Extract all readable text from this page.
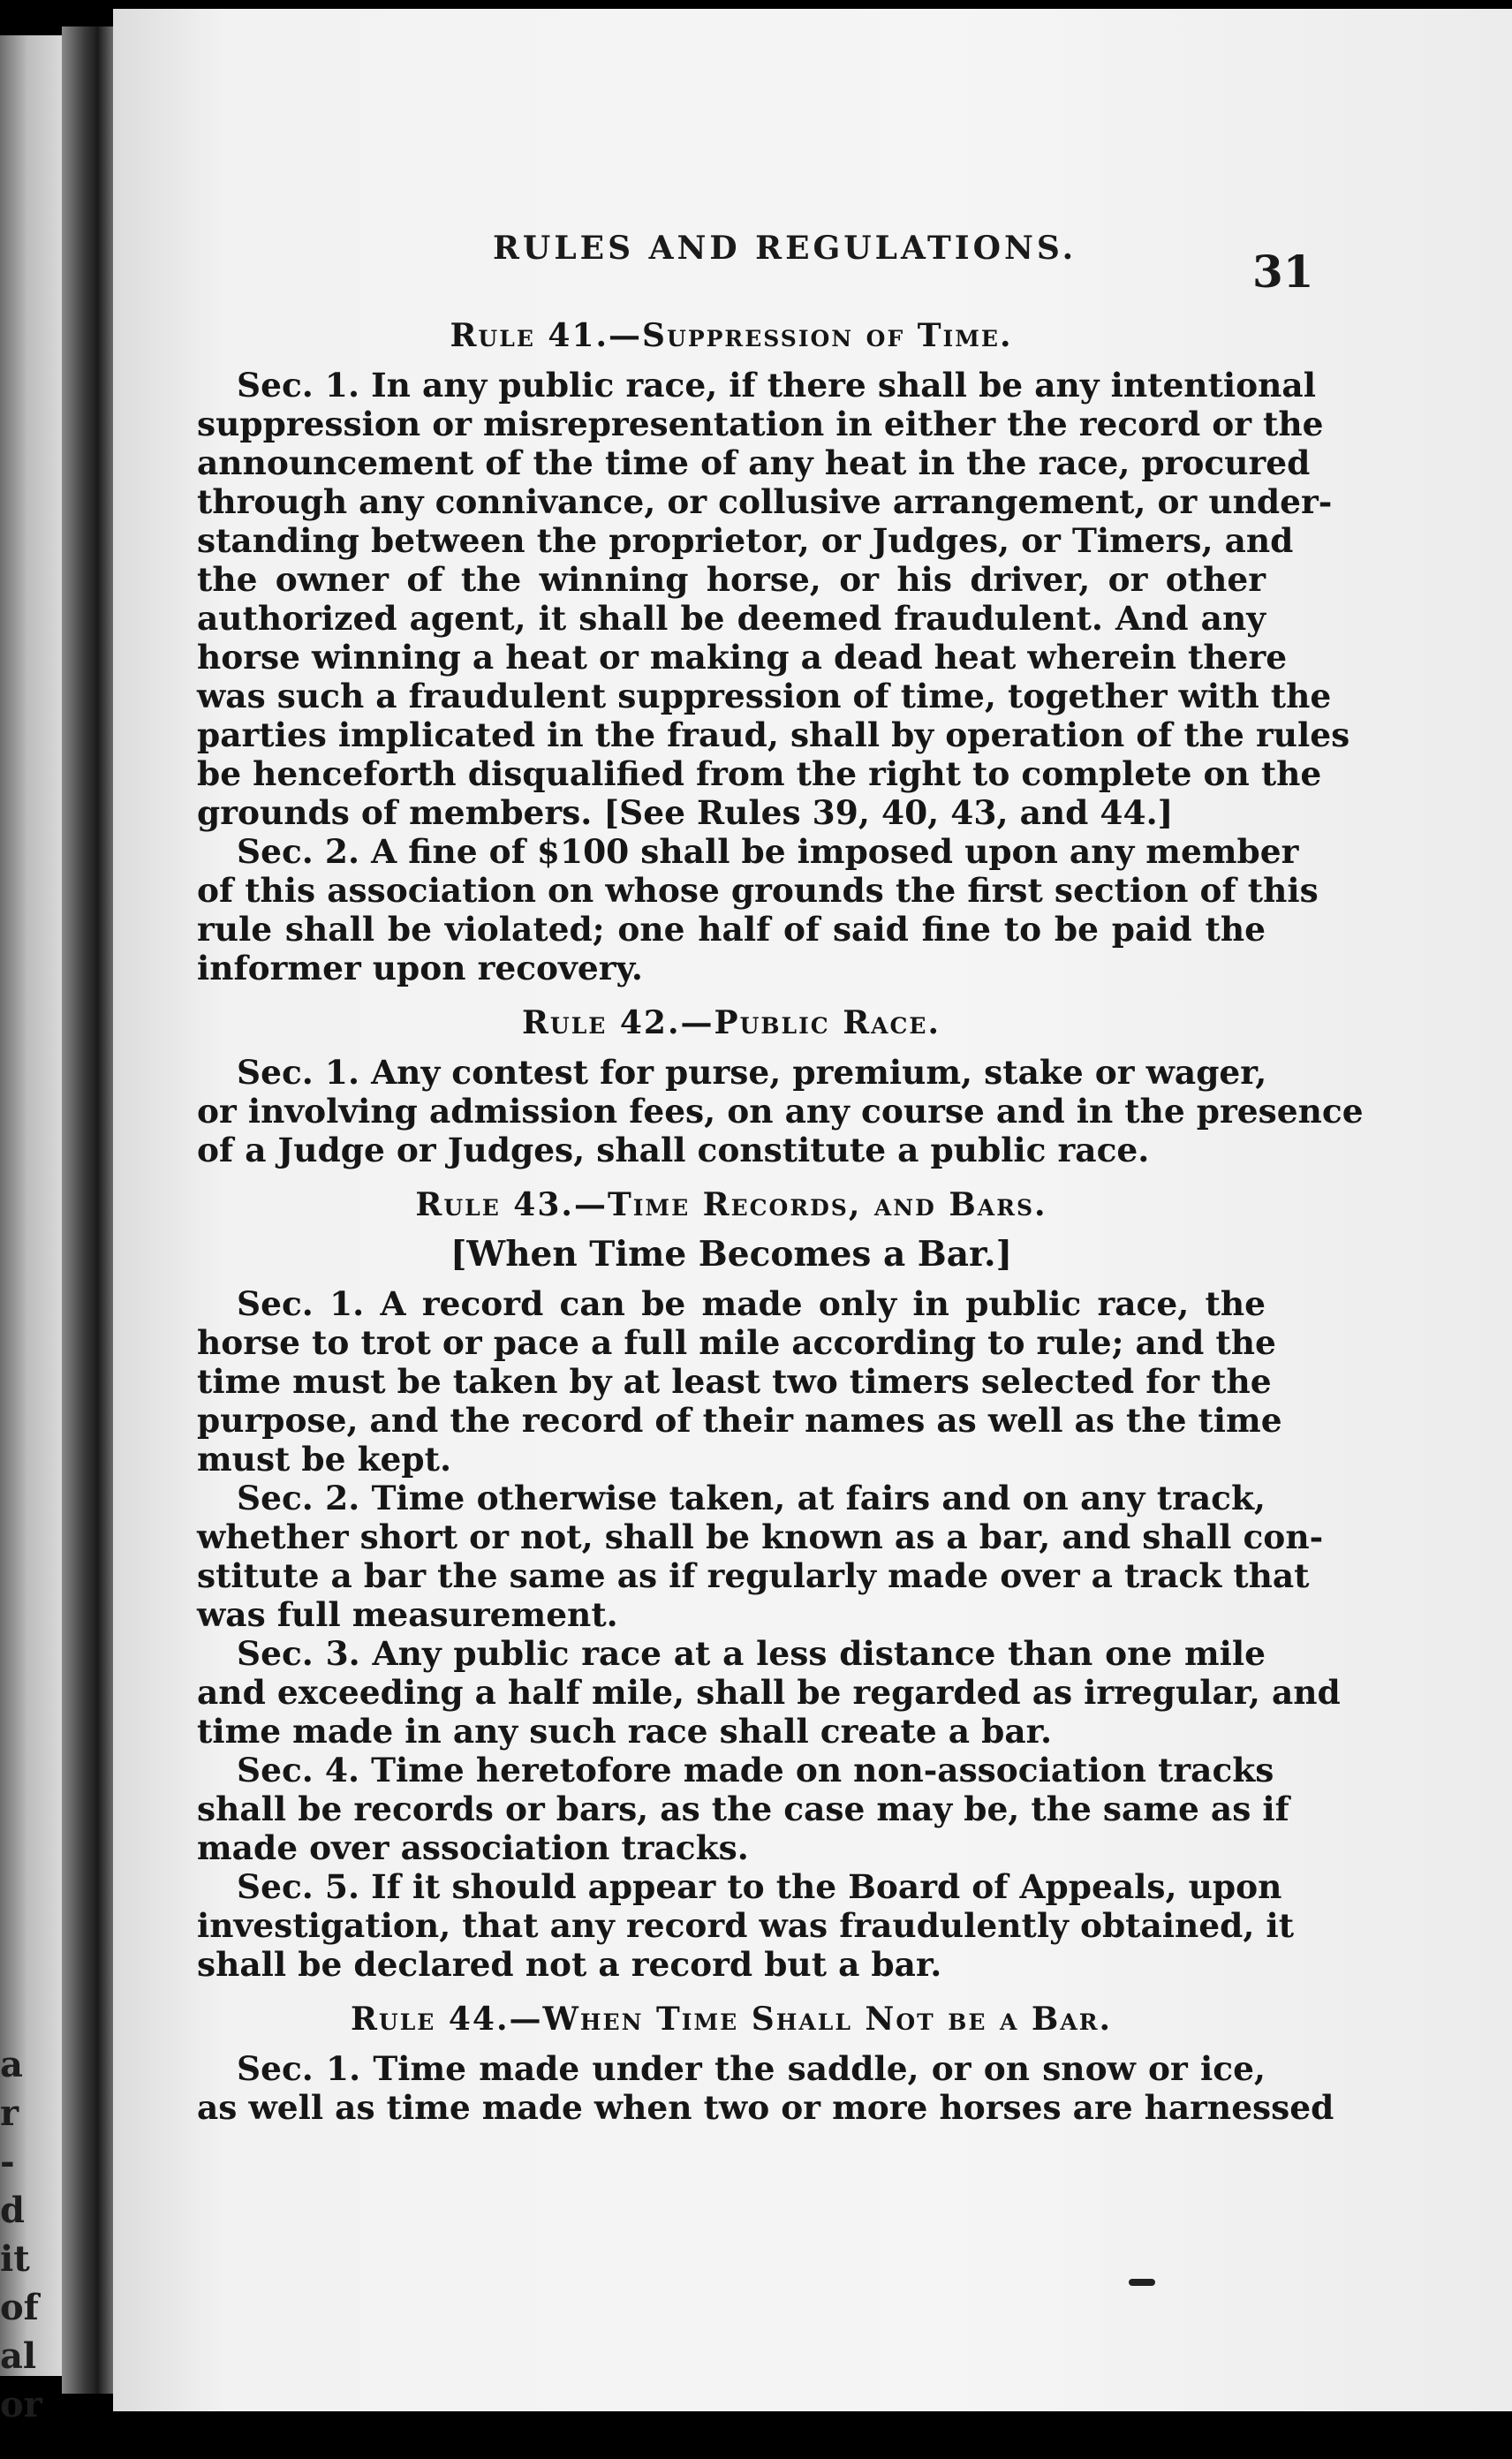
a
r
-
d
it
of
al
or
RULES AND REGULATIONS.	31
Rule 41.—Suppression of Time.
Sec. 1. In any public race, if there shall be any intentional
suppression or misrepresentation in either the record or the
announcement of the time of any heat in the race, procured
through any connivance, or collusive arrangement, or under-
standing between the proprietor, or Judges, or Timers, and
the owner of the winning horse, or his driver, or other
authorized agent, it shall be deemed fraudulent. And any
horse winning a heat or making a dead heat wherein there
was such a fraudulent suppression of time, together with the
parties implicated in the fraud, shall by operation of the rules
be henceforth disqualified from the right to complete on the
grounds of members. [See Rules 39, 40, 43, and 44.]
Sec. 2. A fine of $100 shall be imposed upon any member
of this association on whose grounds the first section of this
rule shall be violated; one half of said fine to be paid the
informer upon recovery.
Rule 42.—Public Race.
Sec. 1. Any contest for purse, premium, stake or wager,
or involving admission fees, on any course and in the presence
of a Judge or Judges, shall constitute a public race.
Rule 43.—Time Records, and Bars.
[When Time Becomes a Bar.]
Sec. 1. A record can be made only in public race, the
horse to trot or pace a full mile according to rule; and the
time must be taken by at least two timers selected for the
purpose, and the record of their names as well as the time
must be kept.
Sec. 2. Time otherwise taken, at fairs and on any track,
whether short or not, shall be known as a bar, and shall con-
stitute a bar the same as if regularly made over a track that
was full measurement.
Sec. 3. Any public race at a less distance than one mile
and exceeding a half mile, shall be regarded as irregular, and
time made in any such race shall create a bar.
Sec. 4. Time heretofore made on non-association tracks
shall be records or bars, as the case may be, the same as if
made over association tracks.
Sec. 5. If it should appear to the Board of Appeals, upon
investigation, that any record was fraudulently obtained, it
shall be declared not a record but a bar.
Rule 44.—When Time Shall Not be a Bar.
Sec. 1. Time made under the saddle, or on snow or ice,
as well as time made when two or more horses are harnessed
